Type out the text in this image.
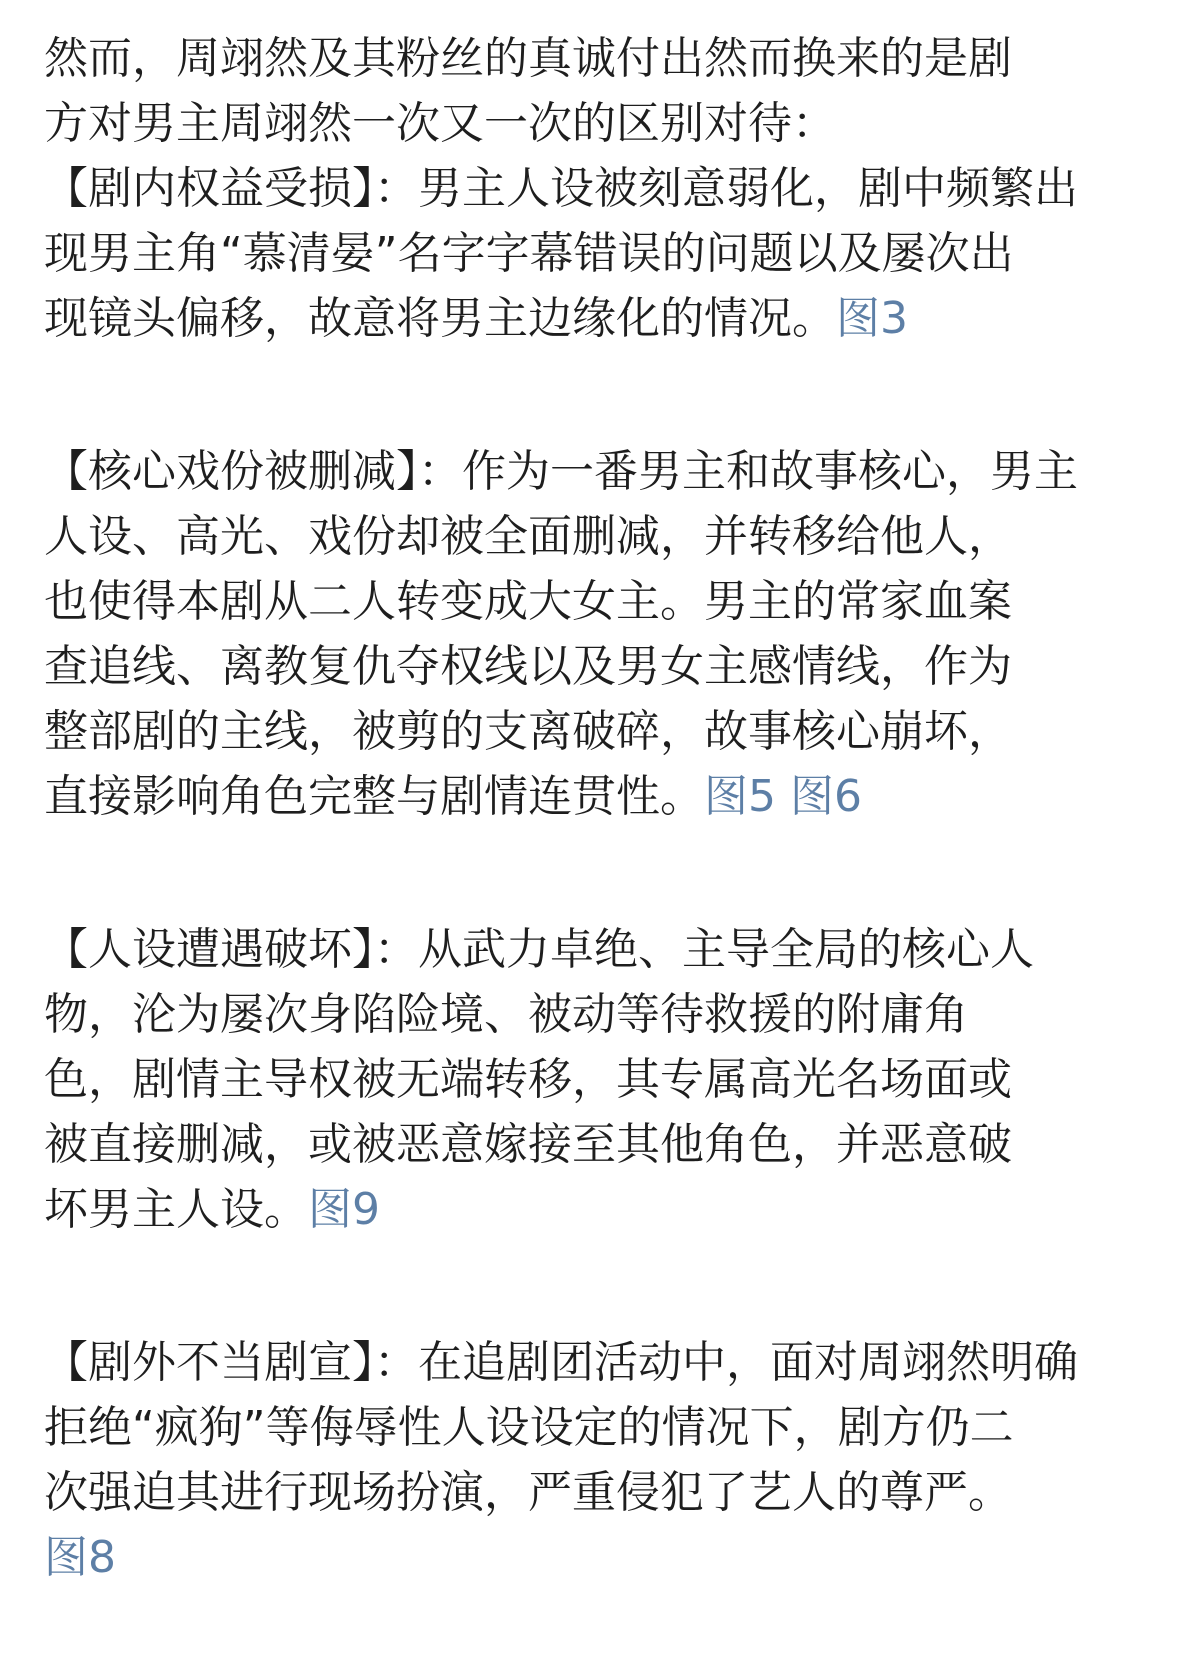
然而，周翊然及其粉丝的真诚付出然而换来的是剧
方对男主周翊然一次又一次的区别对待：

【剧内权益受损】：男主人设被刻意弱化，剧中频繁出
现男主角“慕清晏”名字字幕错误的问题以及屡次出
现镜头偏移，故意将男主边缘化的情况。图3

【核心戏份被删减】：作为一番男主和故事核心，男主
人设、高光、戏份却被全面删减，并转移给他人，
也使得本剧从二人转变成大女主。男主的常家血案
查追线、离教复仇夺权线以及男女主感情线，作为
整部剧的主线，被剪的支离破碎，故事核心崩坏，
直接影响角色完整与剧情连贯性。图5 图6

【人设遭遇破坏】：从武力卓绝、主导全局的核心人
物，沦为屡次身陷险境、被动等待救援的附庸角
色，剧情主导权被无端转移，其专属高光名场面或
被直接删减，或被恶意嫁接至其他角色，并恶意破
坏男主人设。图9

【剧外不当剧宣】：在追剧团活动中，面对周翊然明确
拒绝“疯狗”等侮辱性人设设定的情况下，剧方仍二
次强迫其进行现场扮演，严重侵犯了艺人的尊严。
图8
